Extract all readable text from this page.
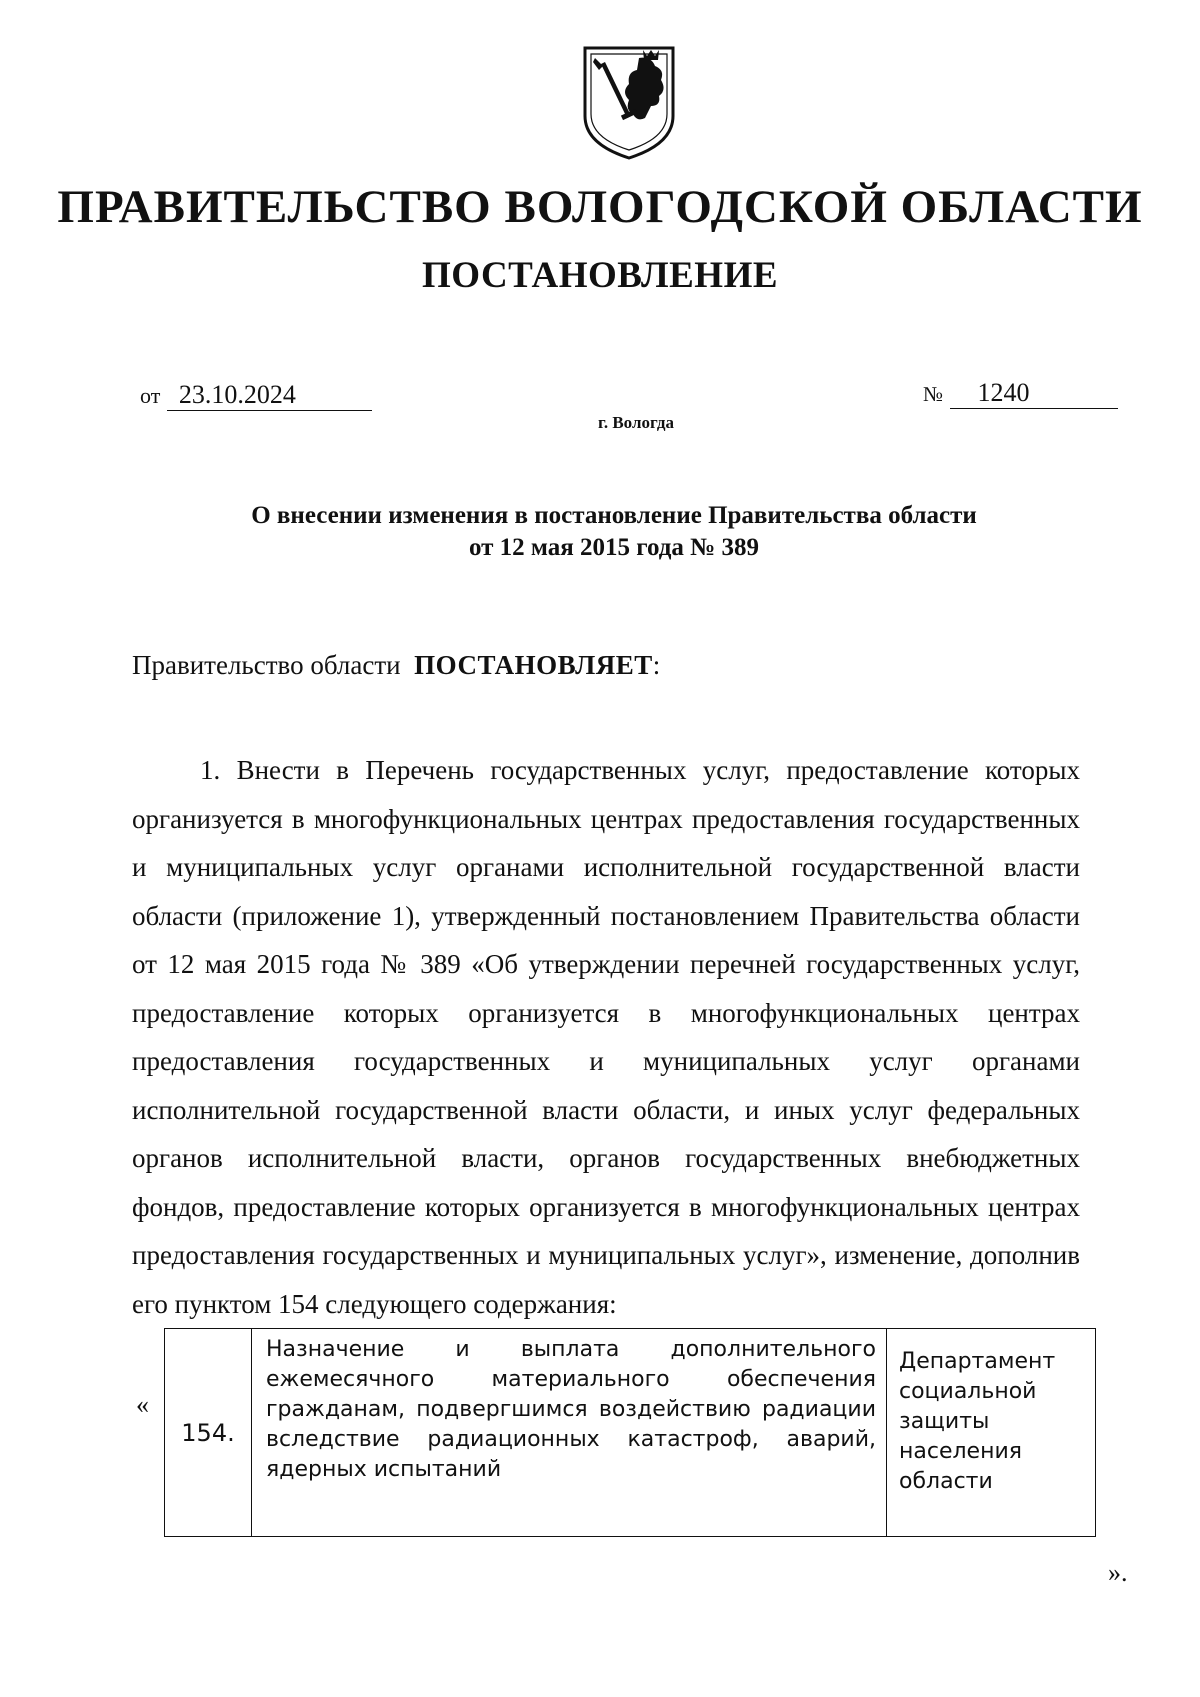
ПРАВИТЕЛЬСТВО ВОЛОГОДСКОЙ ОБЛАСТИ
ПОСТАНОВЛЕНИЕ
от 23.10.2024	№ 1240
г. Вологда
О внесении изменения в постановление Правительства области
от 12 мая 2015 года № 389
Правительство области ПОСТАНОВЛЯЕТ:

1. Внести в Перечень государственных услуг, предоставление которых организуется в многофункциональных центрах предоставления государственных и муниципальных услуг органами исполнительной государственной власти области (приложение 1), утвержденный постановлением Правительства области от 12 мая 2015 года № 389 «Об утверждении перечней государственных услуг, предоставление которых организуется в многофункциональных центрах предоставления государственных и муниципальных услуг органами исполнительной государственной власти области, и иных услуг федеральных органов исполнительной власти, органов государственных внебюджетных фондов, предоставление которых организуется в многофункциональных центрах предоставления государственных и муниципальных услуг», изменение, дополнив его пунктом 154 следующего содержания:

«
154.	Назначение и выплата дополнительного ежемесячного материального обеспечения гражданам, подвергшимся воздействию радиации вследствие радиационных катастроф, аварий, ядерных испытаний	Департамент социальной защиты населения области
».
